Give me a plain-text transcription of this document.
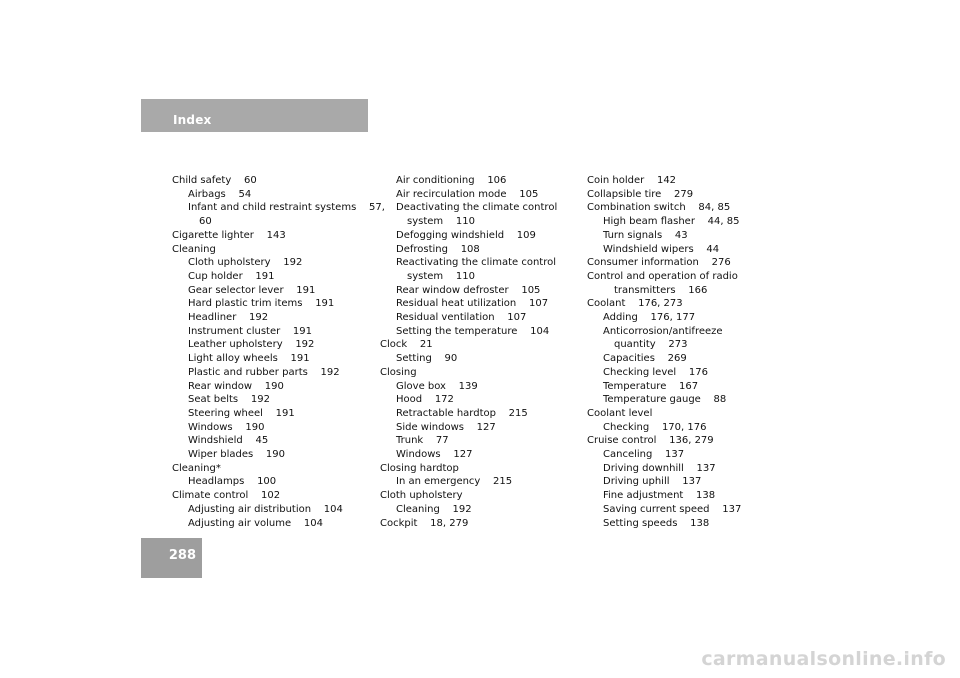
Index
Child safety    60
Airbags    54
Infant and child restraint systems    57,
60
Cigarette lighter    143
Cleaning
Cloth upholstery    192
Cup holder    191
Gear selector lever    191
Hard plastic trim items    191
Headliner    192
Instrument cluster    191
Leather upholstery    192
Light alloy wheels    191
Plastic and rubber parts    192
Rear window    190
Seat belts    192
Steering wheel    191
Windows    190
Windshield    45
Wiper blades    190
Cleaning*
Headlamps    100
Climate control    102
Adjusting air distribution    104
Adjusting air volume    104
Air conditioning    106
Air recirculation mode    105
Deactivating the climate control
system    110
Defogging windshield    109
Defrosting    108
Reactivating the climate control
system    110
Rear window defroster    105
Residual heat utilization    107
Residual ventilation    107
Setting the temperature    104
Clock    21
Setting    90
Closing
Glove box    139
Hood    172
Retractable hardtop    215
Side windows    127
Trunk    77
Windows    127
Closing hardtop
In an emergency    215
Cloth upholstery
Cleaning    192
Cockpit    18, 279
Coin holder    142
Collapsible tire    279
Combination switch    84, 85
High beam flasher    44, 85
Turn signals    43
Windshield wipers    44
Consumer information    276
Control and operation of radio
transmitters    166
Coolant    176, 273
Adding    176, 177
Anticorrosion/antifreeze
quantity    273
Capacities    269
Checking level    176
Temperature    167
Temperature gauge    88
Coolant level
Checking    170, 176
Cruise control    136, 279
Canceling    137
Driving downhill    137
Driving uphill    137
Fine adjustment    138
Saving current speed    137
Setting speeds    138
288
carmanualsonline.info
